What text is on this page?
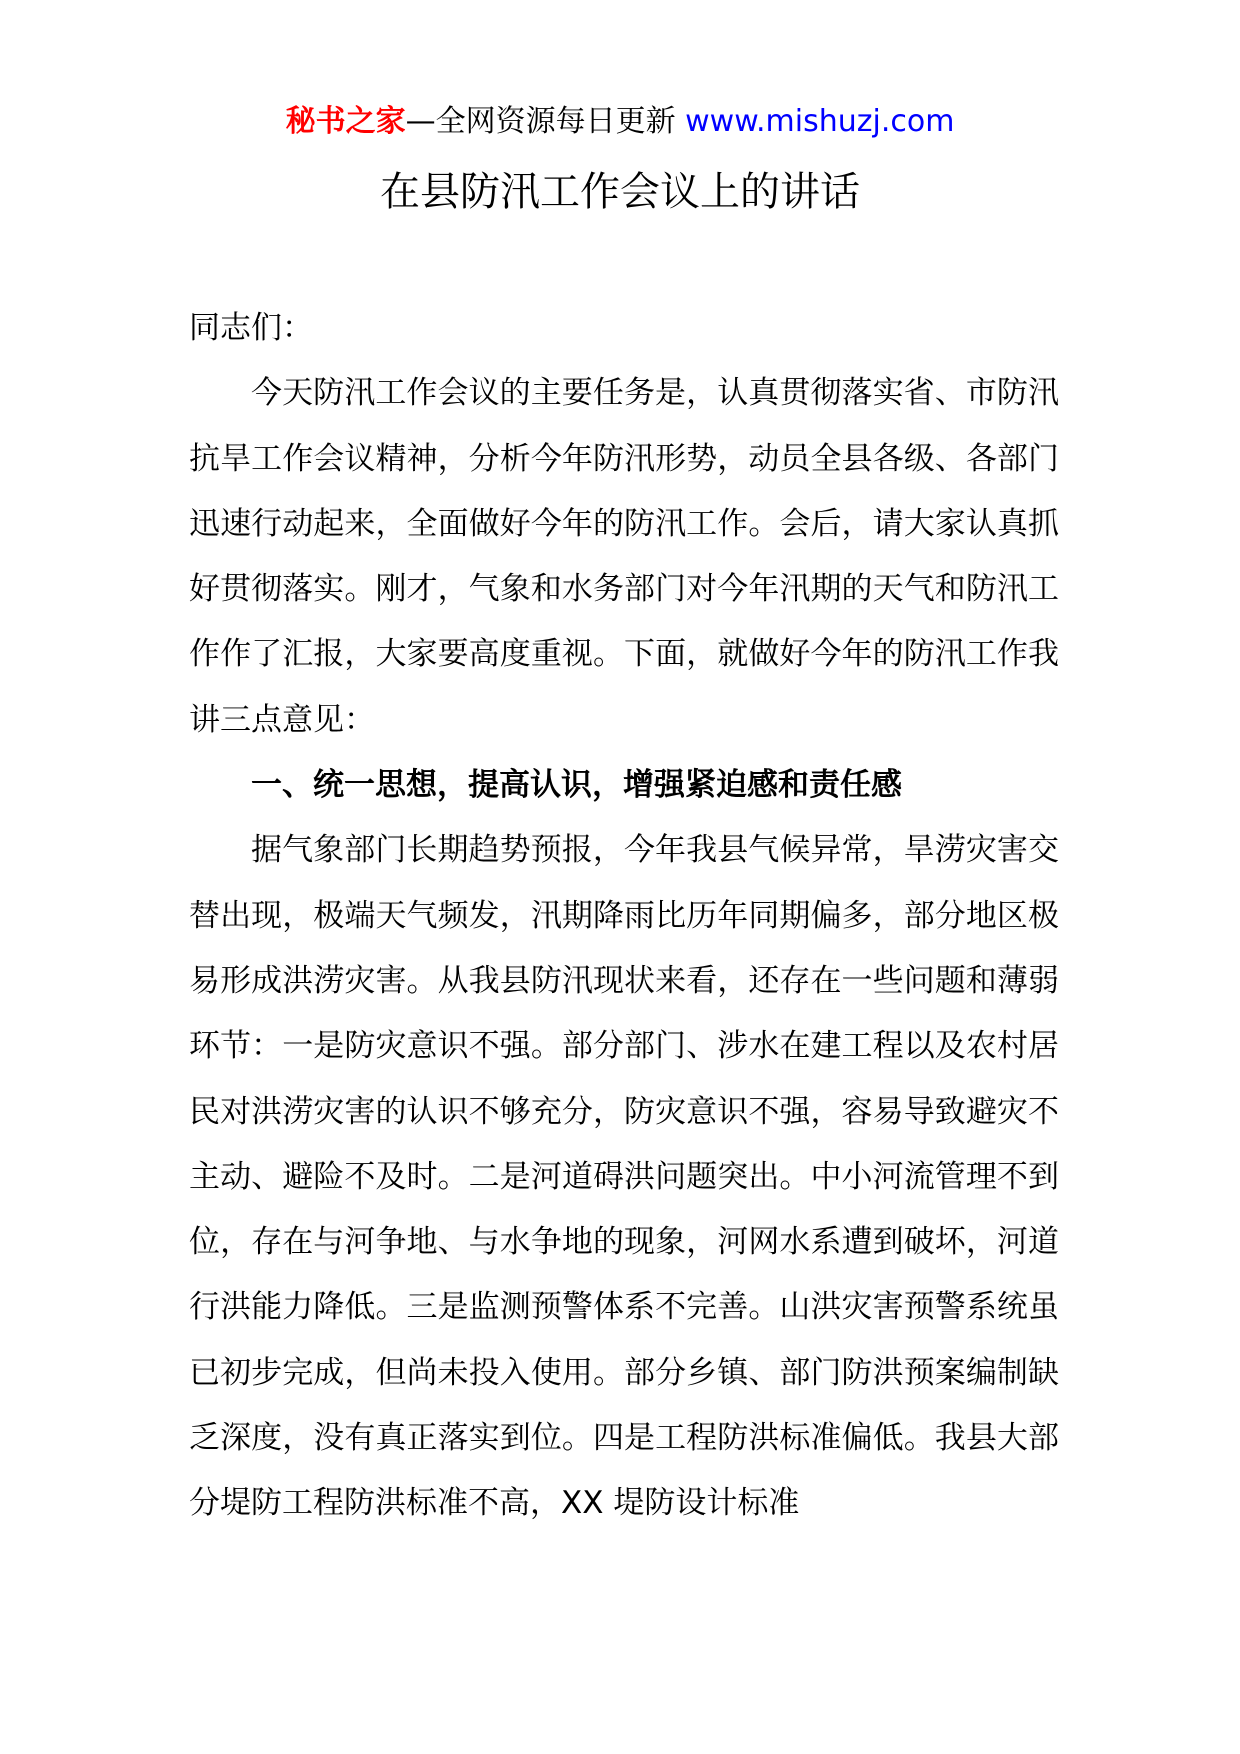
秘书之家—全网资源每日更新 www.mishuzj.com
在县防汛工作会议上的讲话

同志们：

今天防汛工作会议的主要任务是，认真贯彻落实省、市防汛抗旱工作会议精神，分析今年防汛形势，动员全县各级、各部门迅速行动起来，全面做好今年的防汛工作。会后，请大家认真抓好贯彻落实。刚才，气象和水务部门对今年汛期的天气和防汛工作作了汇报，大家要高度重视。下面，就做好今年的防汛工作我讲三点意见：

一、统一思想，提高认识，增强紧迫感和责任感

据气象部门长期趋势预报，今年我县气候异常，旱涝灾害交替出现，极端天气频发，汛期降雨比历年同期偏多，部分地区极易形成洪涝灾害。从我县防汛现状来看，还存在一些问题和薄弱环节：一是防灾意识不强。部分部门、涉水在建工程以及农村居民对洪涝灾害的认识不够充分，防灾意识不强，容易导致避灾不主动、避险不及时。二是河道碍洪问题突出。中小河流管理不到位，存在与河争地、与水争地的现象，河网水系遭到破坏，河道行洪能力降低。三是监测预警体系不完善。山洪灾害预警系统虽已初步完成，但尚未投入使用。部分乡镇、部门防洪预案编制缺乏深度，没有真正落实到位。四是工程防洪标准偏低。我县大部分堤防工程防洪标准不高，XX 堤防设计标准
